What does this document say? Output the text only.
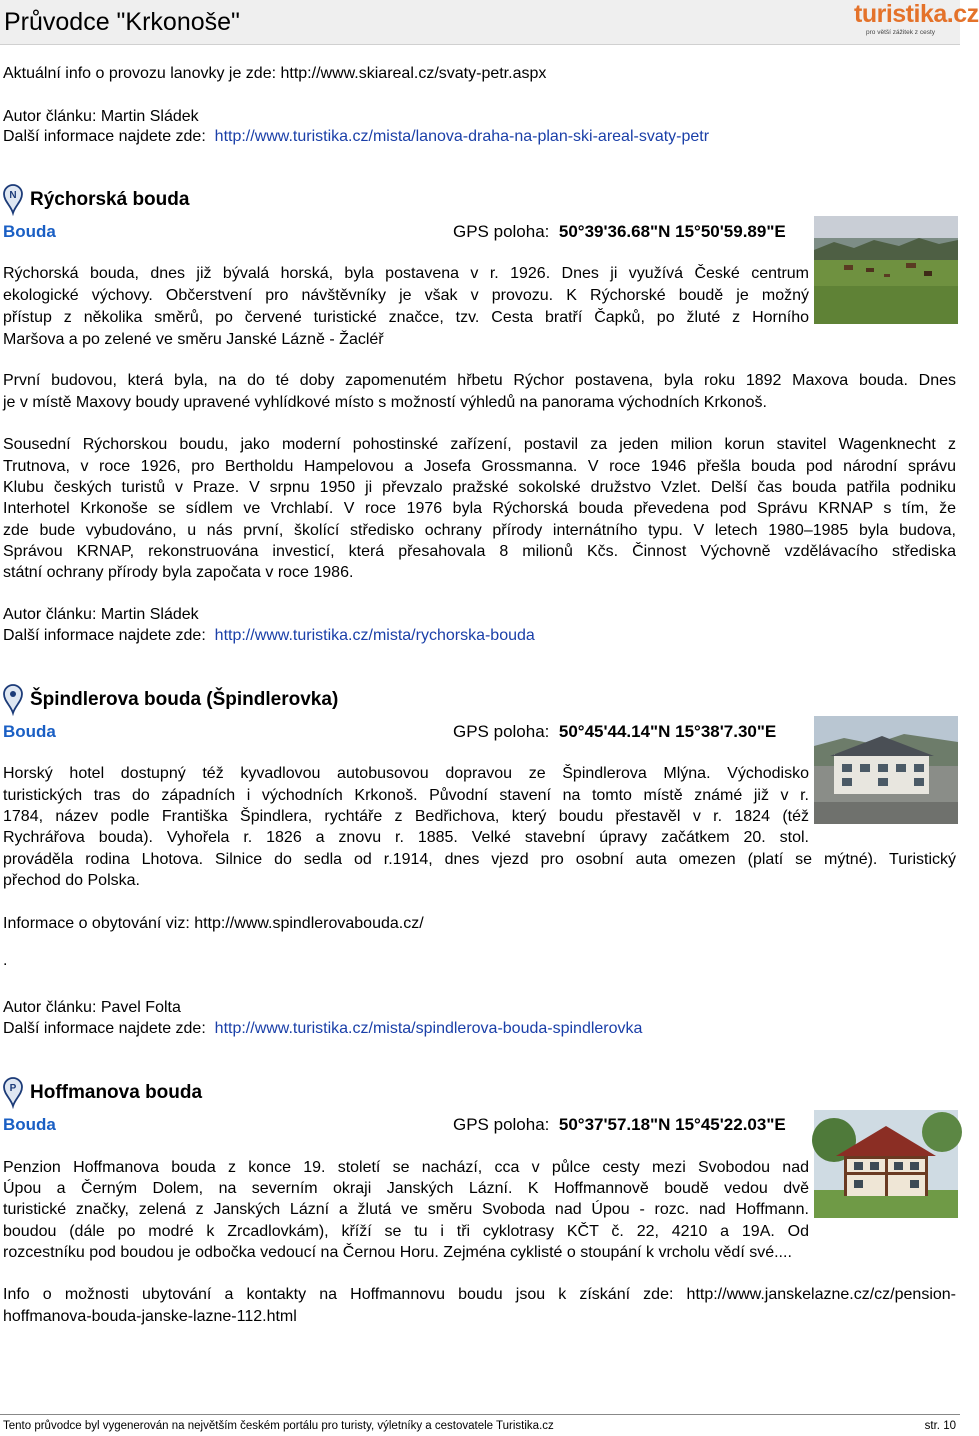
Průvodce "Krkonoše"	turistika.cz
pro větší zážitek z cesty
Aktuální info o provozu lanovky je zde: http://www.skiareal.cz/svaty-petr.aspx
Autor článku: Martin Sládek
Další informace najdete zde: http://www.turistika.cz/mista/lanova-draha-na-plan-ski-areal-svaty-petr
N Rýchorská bouda
Bouda	GPS poloha: 50°39'36.68"N 15°50'59.89"E
Rýchorská bouda, dnes již bývalá horská, byla postavena v r. 1926. Dnes ji využívá České centrum
ekologické výchovy. Občerstvení pro návštěvníky je však v provozu. K Rýchorské boudě je možný
přístup z několika směrů, po červené turistické značce, tzv. Cesta bratří Čapků, po žluté z Horního
Maršova a po zelené ve směru Janské Lázně - Žacléř
První budovou, která byla, na do té doby zapomenutém hřbetu Rýchor postavena, byla roku 1892 Maxova bouda. Dnes
je v místě Maxovy boudy upravené vyhlídkové místo s možností výhledů na panorama východních Krkonoš.
Sousední Rýchorskou boudu, jako moderní pohostinské zařízení, postavil za jeden milion korun stavitel Wagenknecht z
Trutnova, v roce 1926, pro Bertholdu Hampelovou a Josefa Grossmanna. V roce 1946 přešla bouda pod národní správu
Klubu českých turistů v Praze. V srpnu 1950 ji převzalo pražské sokolské družstvo Vzlet. Delší čas bouda patřila podniku
Interhotel Krkonoše se sídlem ve Vrchlabí. V roce 1976 byla Rýchorská bouda převedena pod Správu KRNAP s tím, že
zde bude vybudováno, u nás první, školící středisko ochrany přírody internátního typu. V letech 1980–1985 byla budova,
Správou KRNAP, rekonstruována investicí, která přesahovala 8 milionů Kčs. Činnost Výchovně vzdělávacího střediska
státní ochrany přírody byla započata v roce 1986.
Autor článku: Martin Sládek
Další informace najdete zde: http://www.turistika.cz/mista/rychorska-bouda
Špindlerova bouda (Špindlerovka)
Bouda	GPS poloha: 50°45'44.14"N 15°38'7.30"E
Horský hotel dostupný též kyvadlovou autobusovou dopravou ze Špindlerova Mlýna. Východisko
turistických tras do západních i východních Krkonoš. Původní stavení na tomto místě známé již v r.
1784, název podle Františka Špindlera, rychtáře z Bedřichova, který boudu přestavěl v r. 1824 (též
Rychrářova bouda). Vyhořela r. 1826 a znovu r. 1885. Velké stavební úpravy začátkem 20. stol.
prováděla rodina Lhotova. Silnice do sedla od r.1914, dnes vjezd pro osobní auta omezen (platí se mýtné). Turistický
přechod do Polska.
Informace o obytování viz: http://www.spindlerovabouda.cz/
.
Autor článku: Pavel Folta
Další informace najdete zde: http://www.turistika.cz/mista/spindlerova-bouda-spindlerovka
P Hoffmanova bouda
Bouda	GPS poloha: 50°37'57.18"N 15°45'22.03"E
Penzion Hoffmanova bouda z konce 19. století se nachází, cca v půlce cesty mezi Svobodou nad
Úpou a Černým Dolem, na severním okraji Janských Lázní. K Hoffmannově boudě vedou dvě
turistické značky, zelená z Janských Lázní a žlutá ve směru Svoboda nad Úpou - rozc. nad Hoffmann.
boudou (dále po modré k Zrcadlovkám), kříží se tu i tři cyklotrasy KČT č. 22, 4210 a 19A. Od
rozcestníku pod boudou je odbočka vedoucí na Černou Horu. Zejména cyklisté o stoupání k vrcholu vědí své....
Info o možnosti ubytování a kontakty na Hoffmannovu boudu jsou k získání zde: http://www.janskelazne.cz/cz/pension-
hoffmanova-bouda-janske-lazne-112.html
Tento průvodce byl vygenerován na největším českém portálu pro turisty, výletníky a cestovatele Turistika.cz	str. 10
